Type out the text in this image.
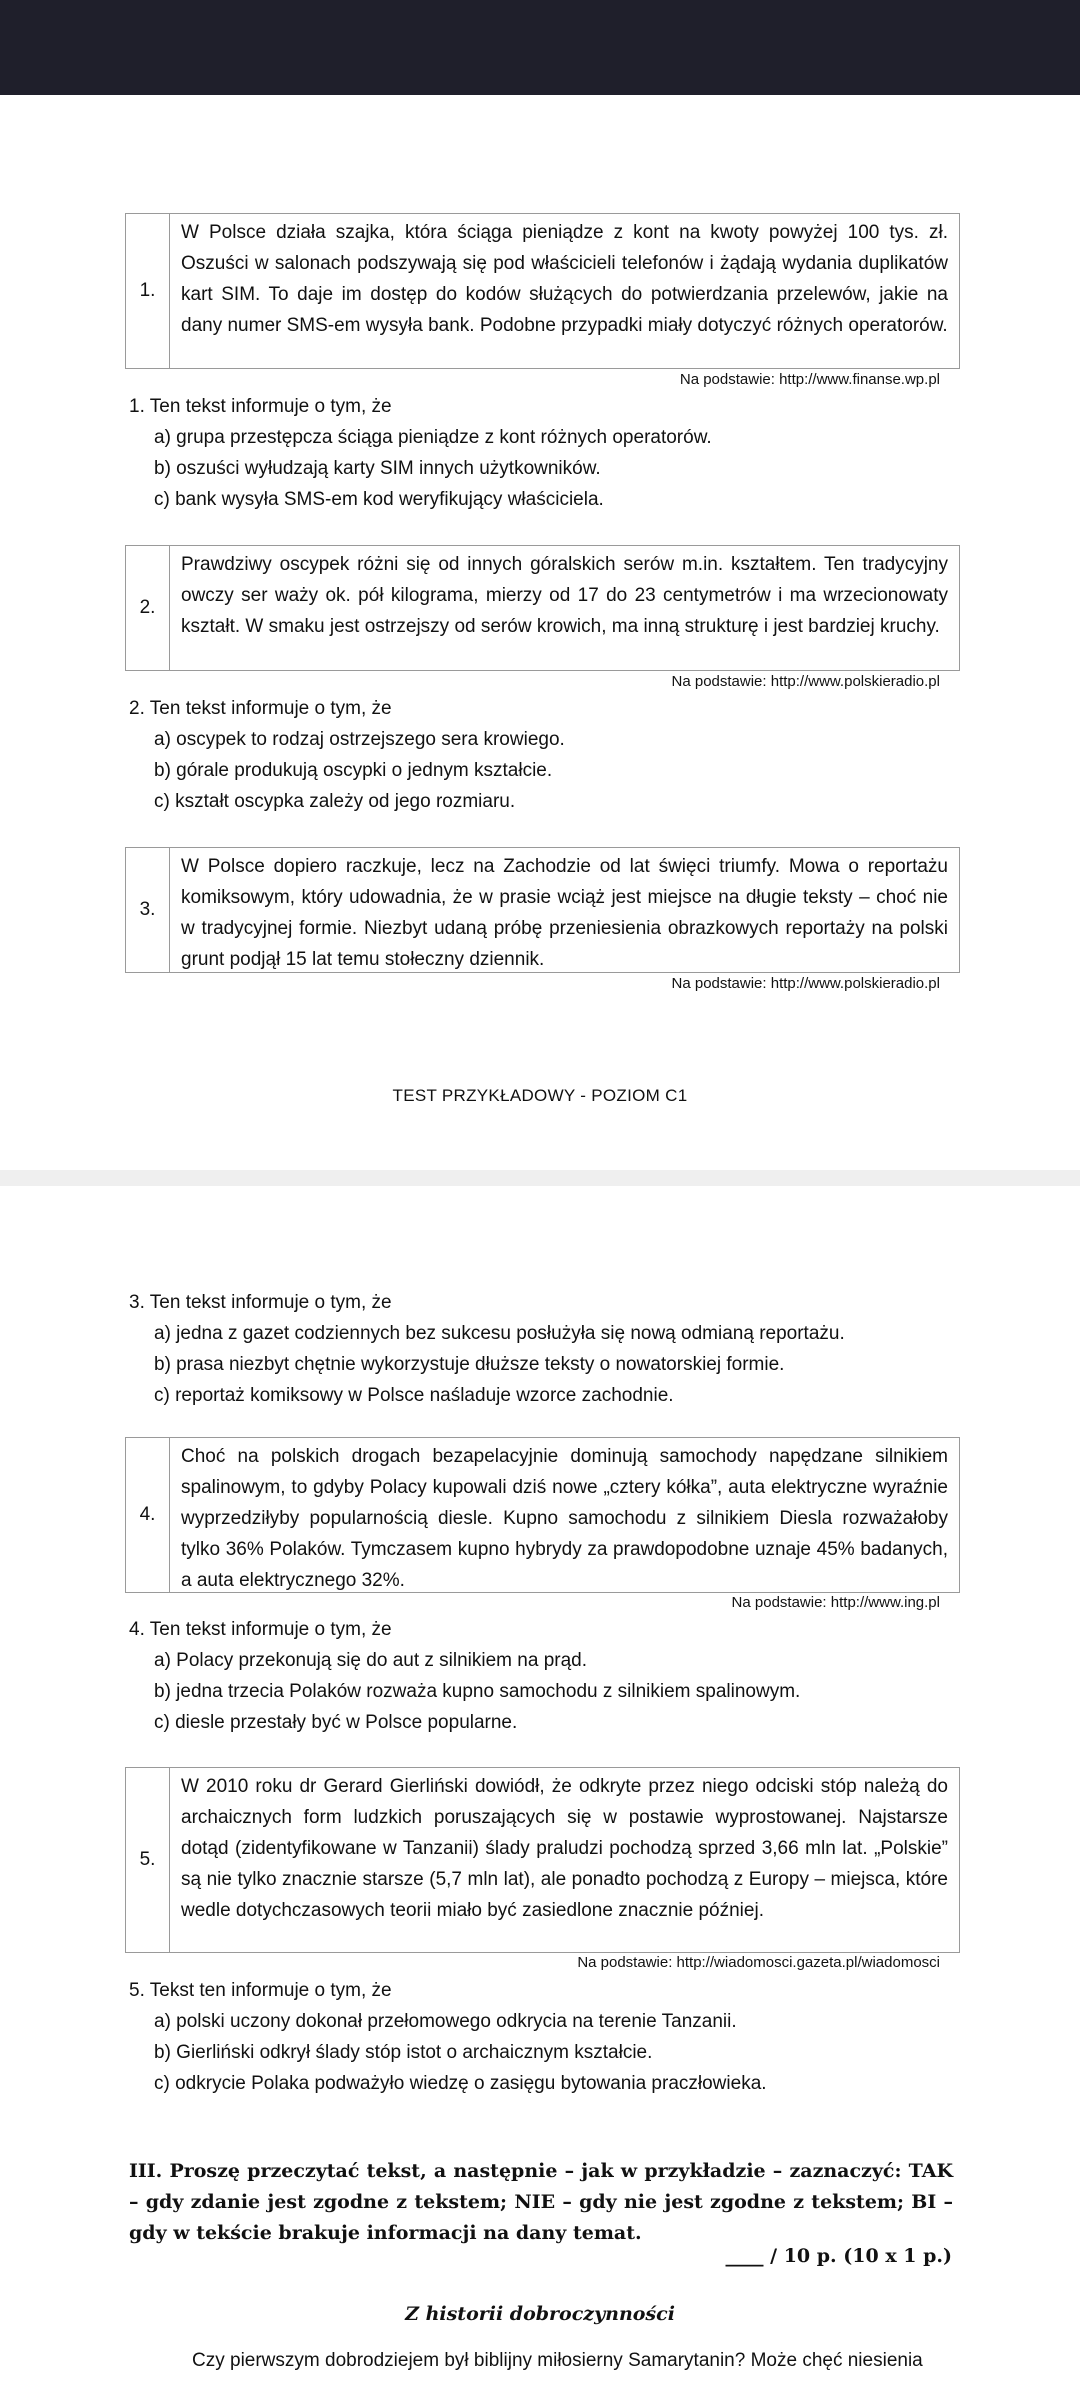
1.
W Polsce działa szajka, która ściąga pieniądze z kont na kwoty powyżej 100 tys. zł. Oszuści w salonach podszywają się pod właścicieli telefonów i żądają wydania duplikatów kart SIM. To daje im dostęp do kodów służących do potwierdzania przelewów, jakie na dany numer SMS-em wysyła bank. Podobne przypadki miały dotyczyć różnych operatorów.
Na podstawie: http://www.finanse.wp.pl

1. Ten tekst informuje o tym, że

a) grupa przestępcza ściąga pieniądze z kont różnych operatorów.

b) oszuści wyłudzają karty SIM innych użytkowników.

c) bank wysyła SMS-em kod weryfikujący właściciela.

2.
Prawdziwy oscypek różni się od innych góralskich serów m.in. kształtem. Ten tradycyjny owczy ser waży ok. pół kilograma, mierzy od 17 do 23 centymetrów i ma wrzecionowaty kształt. W smaku jest ostrzejszy od serów krowich, ma inną strukturę i jest bardziej kruchy.
Na podstawie: http://www.polskieradio.pl

2. Ten tekst informuje o tym, że

a) oscypek to rodzaj ostrzejszego sera krowiego.

b) górale produkują oscypki o jednym kształcie.

c) kształt oscypka zależy od jego rozmiaru.

3.
W Polsce dopiero raczkuje, lecz na Zachodzie od lat święci triumfy. Mowa o reportażu komiksowym, który udowadnia, że w prasie wciąż jest miejsce na długie teksty – choć nie w tradycyjnej formie. Niezbyt udaną próbę przeniesienia obrazkowych reportaży na polski grunt podjął 15 lat temu stołeczny dziennik.
Na podstawie: http://www.polskieradio.pl
TEST PRZYKŁADOWY - POZIOM C1

3. Ten tekst informuje o tym, że

a) jedna z gazet codziennych bez sukcesu posłużyła się nową odmianą reportażu.

b) prasa niezbyt chętnie wykorzystuje dłuższe teksty o nowatorskiej formie.

c) reportaż komiksowy w Polsce naśladuje wzorce zachodnie.

4.
Choć na polskich drogach bezapelacyjnie dominują samochody napędzane silnikiem spalinowym, to gdyby Polacy kupowali dziś nowe „cztery kółka”, auta elektryczne wyraźnie wyprzedziłyby popularnością diesle. Kupno samochodu z silnikiem Diesla rozważałoby tylko 36% Polaków. Tymczasem kupno hybrydy za prawdopodobne uznaje 45% badanych, a auta elektrycznego 32%.
Na podstawie: http://www.ing.pl

4. Ten tekst informuje o tym, że

a) Polacy przekonują się do aut z silnikiem na prąd.

b) jedna trzecia Polaków rozważa kupno samochodu z silnikiem spalinowym.

c) diesle przestały być w Polsce popularne.

5.
W 2010 roku dr Gerard Gierliński dowiódł, że odkryte przez niego odciski stóp należą do archaicznych form ludzkich poruszających się w postawie wyprostowanej. Najstarsze dotąd (zidentyfikowane w Tanzanii) ślady praludzi pochodzą sprzed 3,66 mln lat. „Polskie” są nie tylko znacznie starsze (5,7 mln lat), ale ponadto pochodzą z Europy – miejsca, które wedle dotychczasowych teorii miało być zasiedlone znacznie później.
Na podstawie: http://wiadomosci.gazeta.pl/wiadomosci

5. Tekst ten informuje o tym, że

a) polski uczony dokonał przełomowego odkrycia na terenie Tanzanii.

b) Gierliński odkrył ślady stóp istot o archaicznym kształcie.

c) odkrycie Polaka podważyło wiedzę o zasięgu bytowania praczłowieka.

III. Proszę przeczytać tekst, a następnie – jak w przykładzie – zaznaczyć: TAK – gdy zdanie jest zgodne z tekstem; NIE – gdy nie jest zgodne z tekstem; BI – gdy w tekście brakuje informacji na dany temat.
____ / 10 p. (10 x 1 p.)
Z historii dobroczynności
Czy pierwszym dobrodziejem był biblijny miłosierny Samarytanin? Może chęć niesienia
